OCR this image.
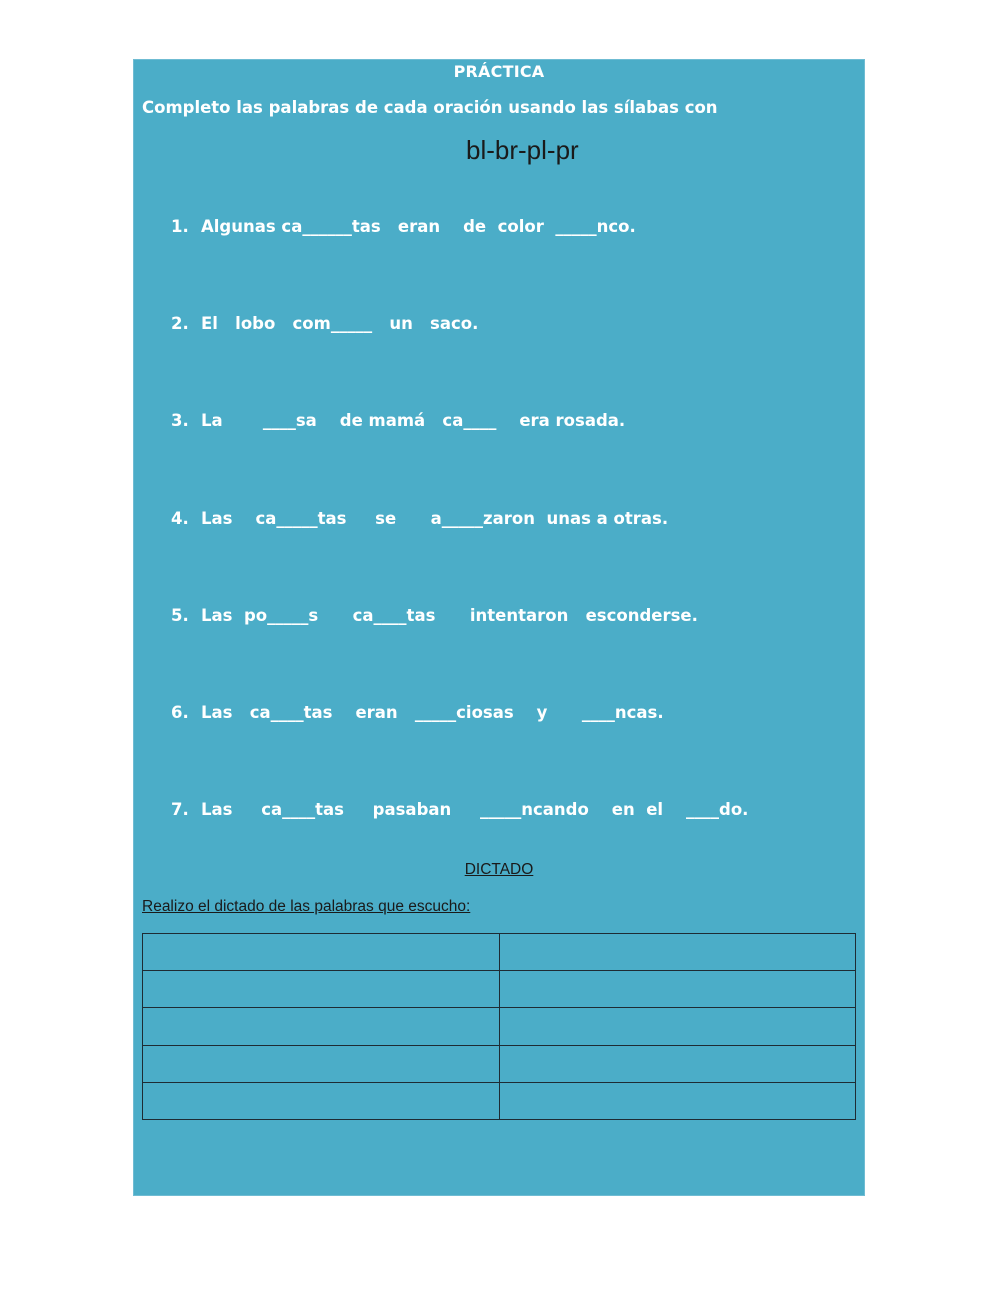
PRÁCTICA
Completo las palabras de cada oración usando las sílabas con
bl-br-pl-pr
1. Algunas ca______tas   eran    de  color  _____nco.
2. El   lobo   com_____   un   saco.
3. La       ____sa    de mamá   ca____    era rosada.
4. Las    ca_____tas     se      a_____zaron  unas a otras.
5. Las  po_____s      ca____tas      intentaron   esconderse.
6. Las   ca____tas    eran   _____ciosas    y      ____ncas.
7. Las     ca____tas     pasaban     _____ncando    en  el    ____do.
DICTADO
Realizo el dictado de las palabras que escucho:
